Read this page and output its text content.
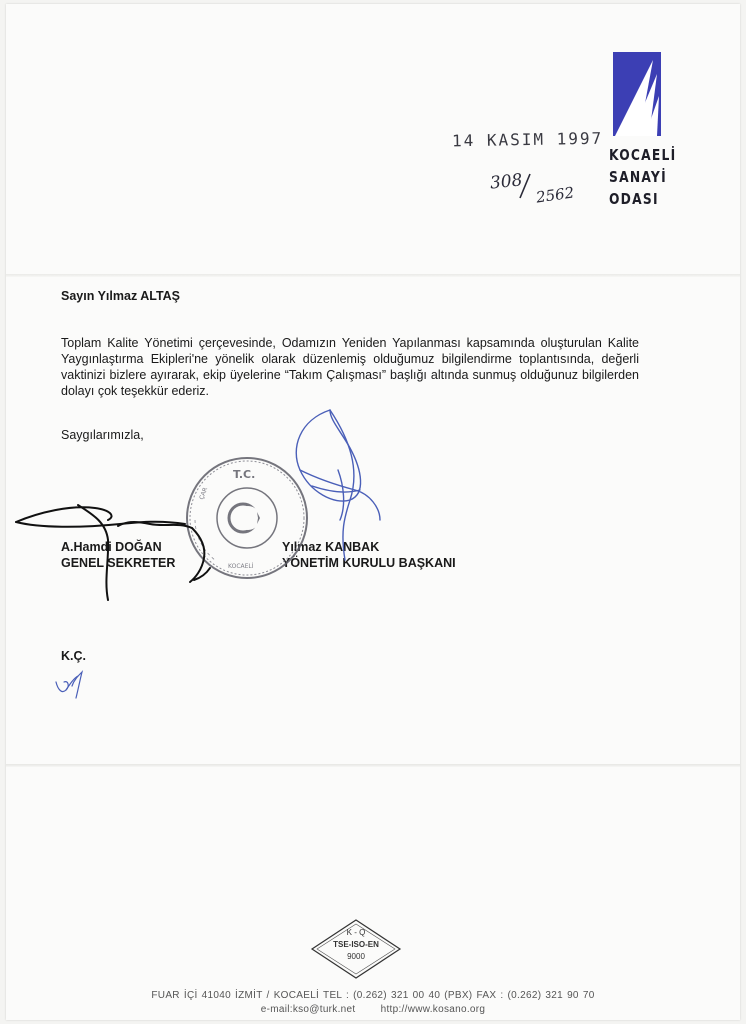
KOCAELİ
SANAYİ
ODASI
14 KASIM 1997
308
2562
Sayın Yılmaz ALTAŞ
Toplam Kalite Yönetimi çerçevesinde, Odamızın Yeniden Yapılanması kapsamında oluşturulan Kalite Yaygınlaştırma Ekipleri'ne yönelik olarak düzenlemiş olduğumuz bilgilendirme toplantısında, değerli vaktinizi bizlere ayırarak, ekip üyelerine “Takım Çalışması” başlığı altında sunmuş olduğunuz bilgilerden dolayı çok teşekkür ederiz.
Saygılarımızla,
A.Hamdi DOĞAN
GENEL SEKRETER
Yılmaz KANBAK
YÖNETİM KURULU BAŞKANI
K.Ç.
T.C.
ÇAR
KOCAELİ
K - Q
TSE-ISO-EN
9000
FUAR İÇİ 41040 İZMİT / KOCAELİ TEL : (0.262) 321 00 40 (PBX) FAX : (0.262) 321 90 70
e-mail:kso@turk.net	http://www.kosano.org
